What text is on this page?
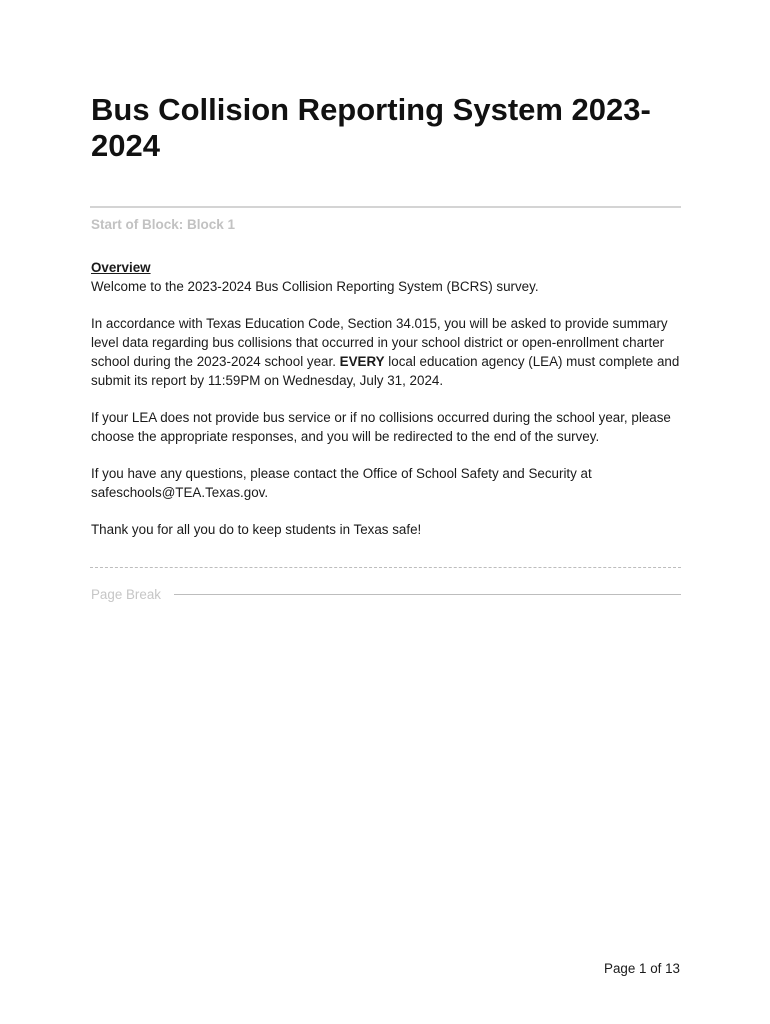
Bus Collision Reporting System 2023-2024
Start of Block: Block 1

Overview
Welcome to the 2023-2024 Bus Collision Reporting System (BCRS) survey.

In accordance with Texas Education Code, Section 34.015, you will be asked to provide summary level data regarding bus collisions that occurred in your school district or open-enrollment charter school during the 2023-2024 school year. EVERY local education agency (LEA) must complete and submit its report by 11:59PM on Wednesday, July 31, 2024.

If your LEA does not provide bus service or if no collisions occurred during the school year, please choose the appropriate responses, and you will be redirected to the end of the survey.

If you have any questions, please contact the Office of School Safety and Security at safeschools@TEA.Texas.gov.

Thank you for all you do to keep students in Texas safe!

Page Break
Page 1 of 13
